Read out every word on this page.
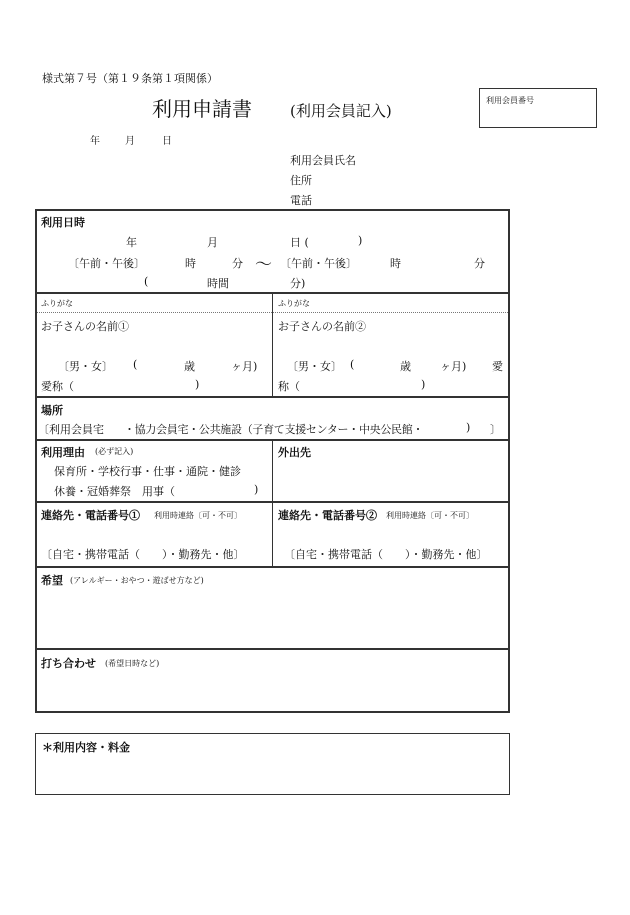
様式第７号（第１９条第１項関係）
利用申請書	(利用会員記入)
利用会員番号
年	月	日
利用会員氏名
住所
電話
利用日時
年	月	日 (	)
〔午前・午後〕	時	分 〜 〔午前・午後〕	時	分
(	時間	分)
ふりがな	ふりがな
お子さんの名前①	お子さんの名前②
〔男・女〕 (	歳	ヶ月)
愛称（	)
〔男・女〕 (	歳	ヶ月) 愛
称（	)
場所
〔利用会員宅 ・協力会員宅・公共施設（子育て支援センター・中央公民館・	) 〕
利用理由 (必ず記入)
保育所・学校行事・仕事・通院・健診
休養・冠婚葬祭　用事（	)
外出先
連絡先・電話番号① 利用時連絡〔可・不可〕
〔自宅・携帯電話（　　）・勤務先・他〕
連絡先・電話番号② 利用時連絡〔可・不可〕
〔自宅・携帯電話（　　）・勤務先・他〕
希望 (アレルギー・おやつ・遊ばせ方など)
打ち合わせ (希望日時など)
＊利用内容・料金
